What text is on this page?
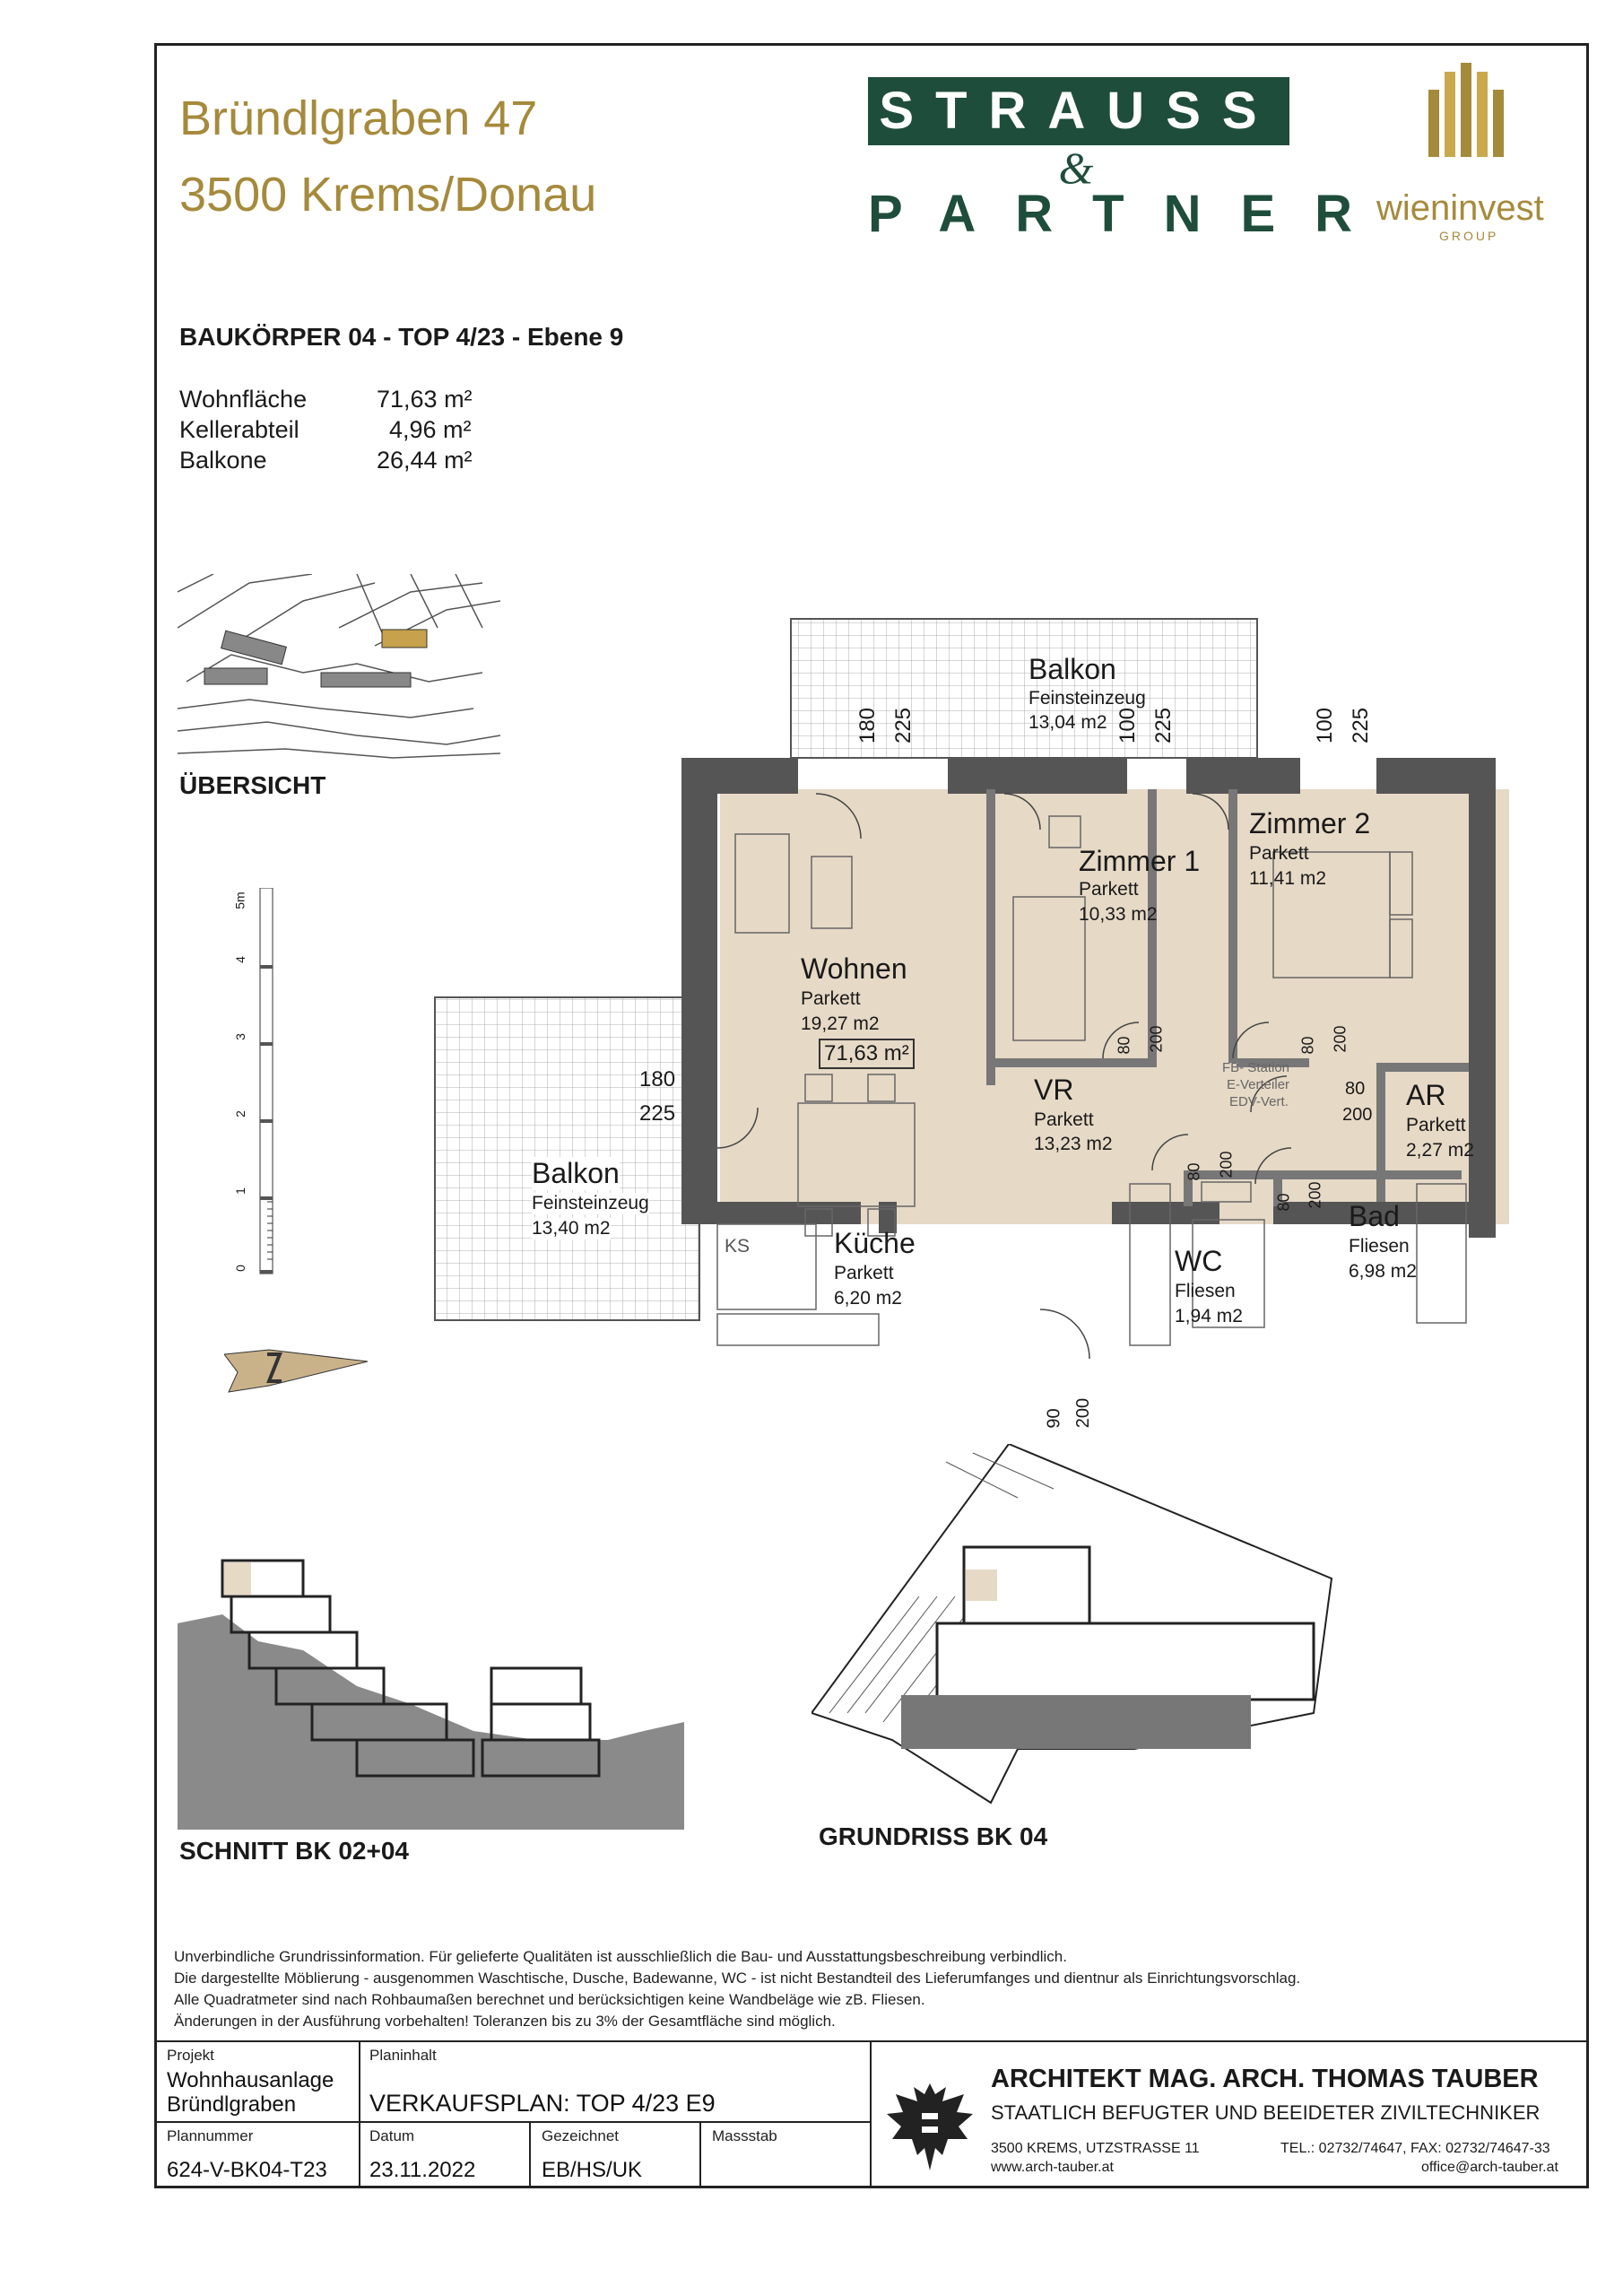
Bründlgraben 47
3500 Krems/Donau
STRAUSS
&
PARTNER
wieninvest
GROUP
BAUKÖRPER 04 - TOP 4/23 - Ebene 9
Wohnfläche	71,63 m²
Kellerabteil	4,96 m²
Balkone	26,44 m²
ÜBERSICHT
0
1
2
3
4
5m
Balkon
Feinsteinzeug
13,04 m2
Zimmer 1
Parkett
10,33 m2
Zimmer 2
Parkett
11,41 m2
Wohnen
Parkett
19,27 m2
71,63 m²
VR
Parkett
13,23 m2
AR
Parkett
2,27 m2
Balkon
Feinsteinzeug
13,40 m2	Küche
Parkett
6,20 m2
WC
Fliesen
1,94 m2
Bad
Fliesen
6,98 m2
KS
FB- Station
E-Verteiler
EDV-Vert.
180 225	100 225	100 225
180
225
80 200	80 200
80
200
80 200
80 200
90 200
SCHNITT BK 02+04
GRUNDRISS BK 04
Unverbindliche Grundrissinformation. Für gelieferte Qualitäten ist ausschließlich die Bau- und Ausstattungsbeschreibung verbindlich.
Die dargestellte Möblierung - ausgenommen Waschtische, Dusche, Badewanne, WC - ist nicht Bestandteil des Lieferumfanges und dientnur als Einrichtungsvorschlag.
Alle Quadratmeter sind nach Rohbaumaßen berechnet und berücksichtigen keine Wandbeläge wie zB. Fliesen.
Änderungen in der Ausführung vorbehalten! Toleranzen bis zu 3% der Gesamtfläche sind möglich.
Projekt
Wohnhausanlage
Bründlgraben
Planinhalt
VERKAUFSPLAN: TOP 4/23 E9
Plannummer
624-V-BK04-T23
Datum
23.11.2022
Gezeichnet
EB/HS/UK
Massstab
ARCHITEKT MAG. ARCH. THOMAS TAUBER
STAATLICH BEFUGTER UND BEEIDETER ZIVILTECHNIKER
3500 KREMS, UTZSTRASSE 11
www.arch-tauber.at
TEL.: 02732/74647, FAX: 02732/74647-33
office@arch-tauber.at
